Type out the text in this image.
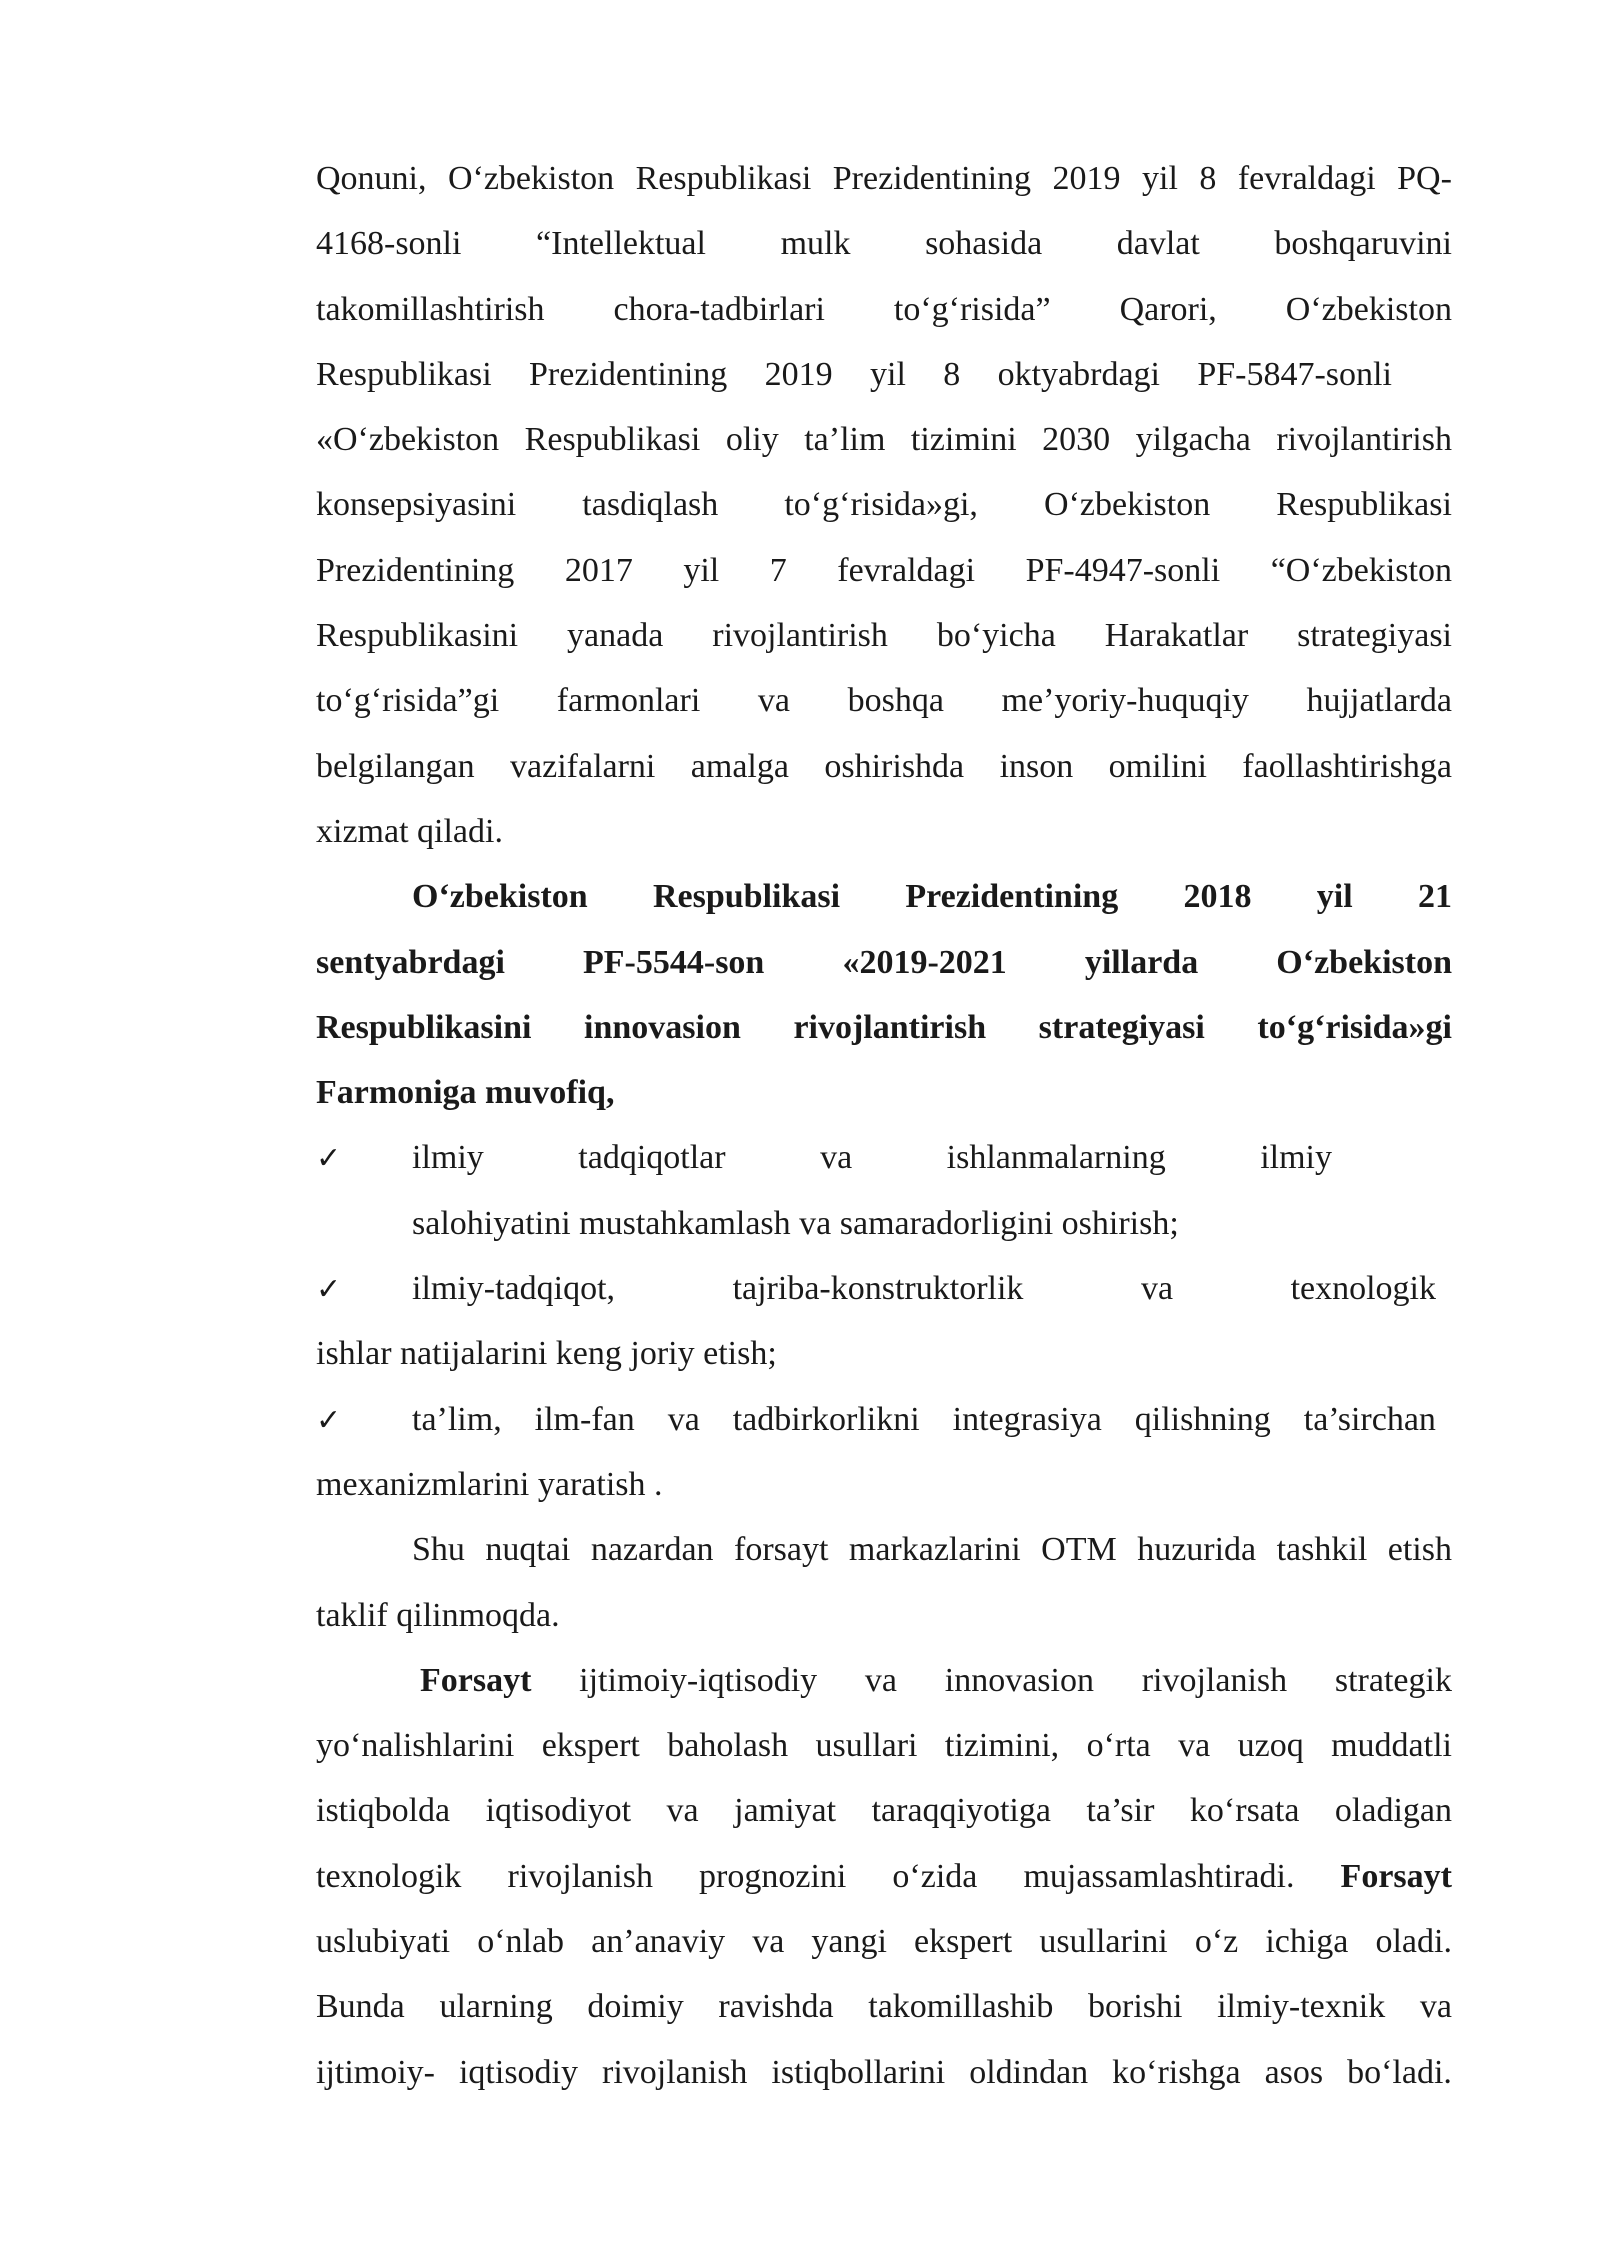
Qonuni, O‘zbekiston Respublikasi Prezidentining 2019 yil 8 fevraldagi PQ-
4168-sonli “Intellektual mulk sohasida davlat boshqaruvini
takomillashtirish chora-tadbirlari to‘g‘risida” Qarori, O‘zbekiston
Respublikasi Prezidentining 2019 yil 8 oktyabrdagi PF-5847-sonli
«O‘zbekiston Respublikasi oliy ta’lim tizimini 2030 yilgacha rivojlantirish
konsepsiyasini tasdiqlash to‘g‘risida»gi, O‘zbekiston Respublikasi
Prezidentining 2017 yil 7 fevraldagi PF-4947-sonli “O‘zbekiston
Respublikasini yanada rivojlantirish bo‘yicha Harakatlar strategiyasi
to‘g‘risida”gi farmonlari va boshqa me’yoriy-huquqiy hujjatlarda
belgilangan vazifalarni amalga oshirishda inson omilini faollashtirishga
xizmat qiladi.
O‘zbekiston Respublikasi Prezidentining 2018 yil 21
sentyabrdagi PF-5544-son «2019-2021 yillarda O‘zbekiston
Respublikasini innovasion rivojlantirish strategiyasi to‘g‘risida»gi
Farmoniga muvofiq,
✓	ilmiy	tadqiqotlar	va	ishlanmalarning	ilmiy
salohiyatini mustahkamlash va samaradorligini oshirish;
✓	ilmiy-tadqiqot,	tajriba-konstruktorlik	va	texnologik
ishlar natijalarini keng joriy etish;
✓	ta’lim, ilm-fan va tadbirkorlikni integrasiya qilishning ta’sirchan
mexanizmlarini yaratish .
Shu nuqtai nazardan forsayt markazlarini OTM huzurida tashkil etish
taklif qilinmoqda.
Forsayt ijtimoiy-iqtisodiy va innovasion rivojlanish strategik
yo‘nalishlarini ekspert baholash usullari tizimini, o‘rta va uzoq muddatli
istiqbolda iqtisodiyot va jamiyat taraqqiyotiga ta’sir ko‘rsata oladigan
texnologik rivojlanish prognozini o‘zida mujassamlashtiradi. Forsayt
uslubiyati o‘nlab an’anaviy va yangi ekspert usullarini o‘z ichiga oladi.
Bunda ularning doimiy ravishda takomillashib borishi ilmiy-texnik va
ijtimoiy- iqtisodiy rivojlanish istiqbollarini oldindan ko‘rishga asos bo‘ladi.
